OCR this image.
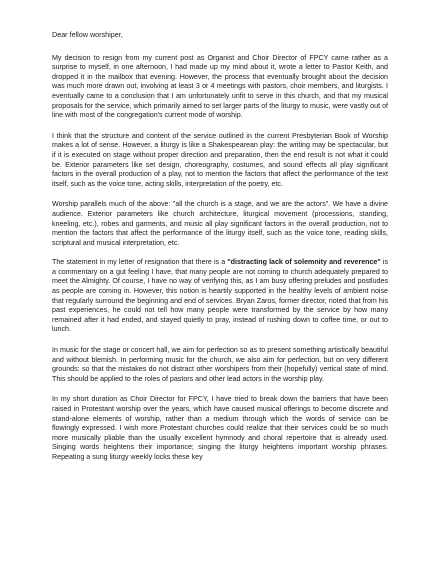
Dear fellow worshiper,

My decision to resign from my current post as Organist and Choir Director of FPCY came rather as a surprise to myself, in one afternoon, I had made up my mind about it, wrote a letter to Pastor Keith, and dropped it in the mailbox that evening. However, the process that eventually brought about the decision was much more drawn out, involving at least 3 or 4 meetings with pastors, choir members, and liturgists. I eventually came to a conclusion that I am unfortunately unfit to serve in this church, and that my musical proposals for the service, which primarily aimed to set larger parts of the liturgy to music, were vastly out of line with most of the congregation's current mode of worship.

I think that the structure and content of the service outlined in the current Presbyterian Book of Worship makes a lot of sense. However, a liturgy is like a Shakespearean play: the writing may be spectacular, but if it is executed on stage without proper direction and preparation, then the end result is not what it could be. Exterior parameters like set design, choreography, costumes, and sound effects all play significant factors in the overall production of a play, not to mention the factors that affect the performance of the text itself, such as the voice tone, acting skills, interpretation of the poetry, etc.

Worship parallels much of the above: "all the church is a stage, and we are the actors". We have a divine audience. Exterior parameters like church architecture, liturgical movement (processions, standing, kneeling, etc.), robes and garments, and music all play significant factors in the overall production, not to mention the factors that affect the performance of the liturgy itself, such as the voice tone, reading skills, scriptural and musical interpretation, etc.

The statement in my letter of resignation that there is a "distracting lack of solemnity and reverence" is a commentary on a gut feeling I have, that many people are not coming to church adequately prepared to meet the Almighty. Of course, I have no way of verifying this, as I am busy offering preludes and postludes as people are coming in. However, this notion is heartily supported in the healthy levels of ambient noise that regularly surround the beginning and end of services. Bryan Zaros, former director, noted that from his past experiences, he could not tell how many people were transformed by the service by how many remained after it had ended, and stayed quietly to pray, instead of rushing down to coffee time, or out to lunch.

In music for the stage or concert hall, we aim for perfection so as to present something artistically beautiful and without blemish. In performing music for the church, we also aim for perfection, but on very different grounds: so that the mistakes do not distract other worshipers from their (hopefully) vertical state of mind. This should be applied to the roles of pastors and other lead actors in the worship play.

In my short duration as Choir Director for FPCY, I have tried to break down the barriers that have been raised in Protestant worship over the years, which have caused musical offerings to become discrete and stand-alone elements of worship, rather than a medium through which the words of service can be flowingly expressed. I wish more Protestant churches could realize that their services could be so much more musically pliable than the usually excellent hymnody and choral repertoire that is already used. Singing words heightens their importance; singing the liturgy heightens important worship phrases. Repeating a sung liturgy weekly locks these key
